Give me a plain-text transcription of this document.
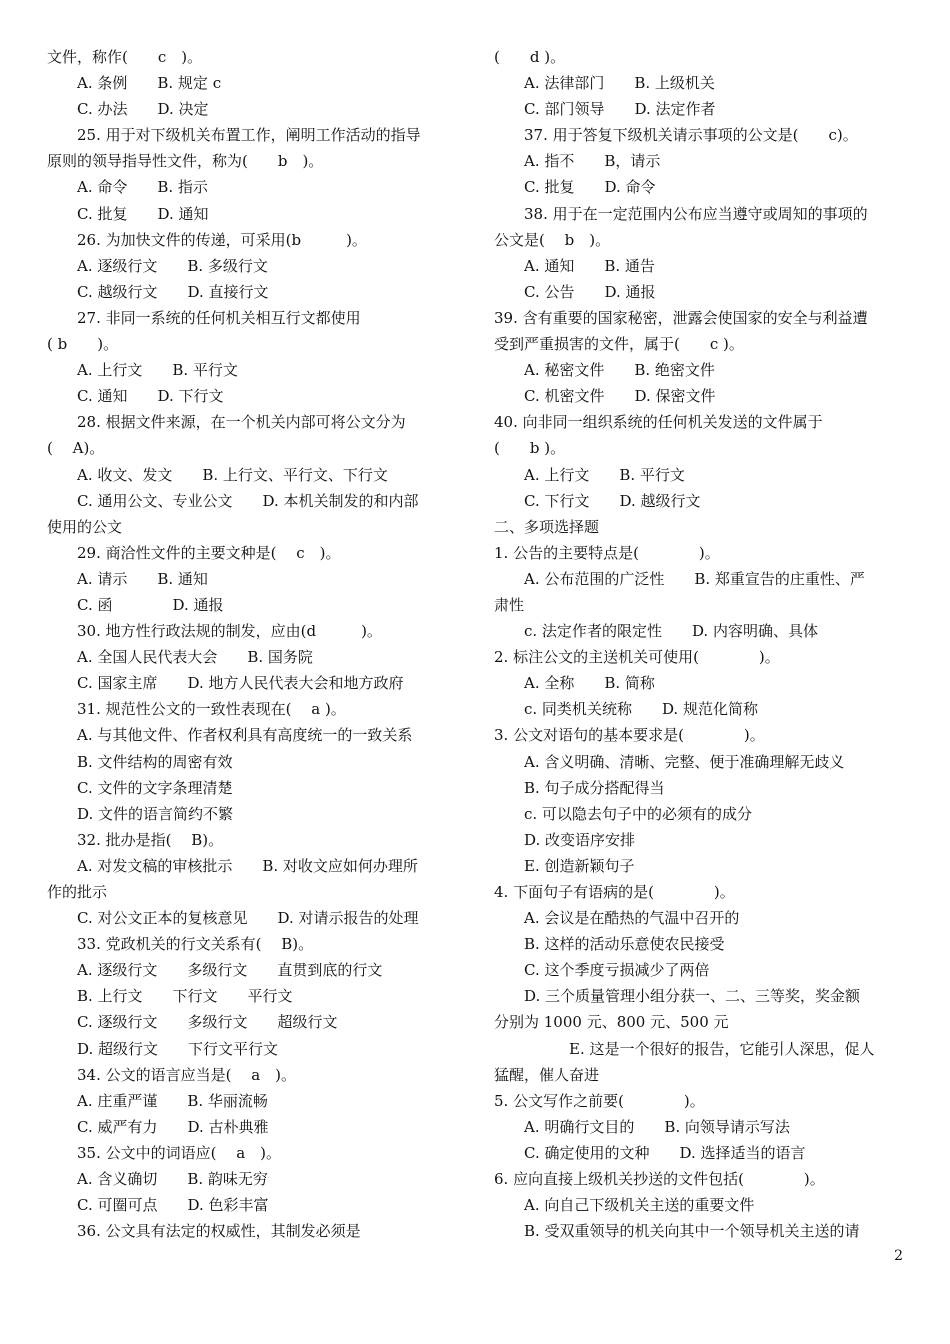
文件，称作(　　c　)。
　　A. 条例　　B. 规定 c
　　C. 办法　　D. 决定
　　25. 用于对下级机关布置工作，阐明工作活动的指导
原则的领导指导性文件，称为(　　b　)。
　　A. 命令　　B. 指示
　　C. 批复　　D. 通知
　　26. 为加快文件的传递，可采用(b　　　)。
　　A. 逐级行文　　B. 多级行文
　　C. 越级行文　　D. 直接行文
　　27. 非同一系统的任何机关相互行文都使用
( b　　)。
　　A. 上行文　　B. 平行文
　　C. 通知　　D. 下行文
　　28. 根据文件来源，在一个机关内部可将公文分为
(　 A)。
　　A. 收文、发文　　B. 上行文、平行文、下行文
　　C. 通用公文、专业公文　　D. 本机关制发的和内部
使用的公文
　　29. 商洽性文件的主要文种是(　 c　)。
　　A. 请示　　B. 通知
　　C. 函　　　　D. 通报
　　30. 地方性行政法规的制发，应由(d　　　)。
　　A. 全国人民代表大会　　B. 国务院
　　C. 国家主席　　D. 地方人民代表大会和地方政府
　　31. 规范性公文的一致性表现在(　 a )。
　　A. 与其他文件、作者权利具有高度统一的一致关系
　　B. 文件结构的周密有效
　　C. 文件的文字条理清楚
　　D. 文件的语言简约不繁
　　32. 批办是指(　 B)。
　　A. 对发文稿的审核批示　　B. 对收文应如何办理所
作的批示
　　C. 对公文正本的复核意见　　D. 对请示报告的处理
　　33. 党政机关的行文关系有(　 B)。
　　A. 逐级行文　　多级行文　　直贯到底的行文
　　B. 上行文　　下行文　　平行文
　　C. 逐级行文　　多级行文　　超级行文
　　D. 超级行文　　下行文平行文
　　34. 公文的语言应当是(　 a　)。
　　A. 庄重严谨　　B. 华丽流畅
　　C. 威严有力　　D. 古朴典雅
　　35. 公文中的词语应(　 a　)。
　　A. 含义确切　　B. 韵味无穷
　　C. 可圈可点　　D. 色彩丰富
　　36. 公文具有法定的权威性，其制发必须是
(　　d )。
　　A. 法律部门　　B. 上级机关
　　C. 部门领导　　D. 法定作者
　　37. 用于答复下级机关请示事项的公文是(　　c)。
　　A. 指不　　B，请示
　　C. 批复　　D. 命令
　　38. 用于在一定范围内公布应当遵守或周知的事项的
公文是(　 b　)。
　　A. 通知　　B. 通告
　　C. 公告　　D. 通报
39. 含有重要的国家秘密，泄露会使国家的安全与利益遭
受到严重损害的文件，属于(　　c )。
　　A. 秘密文件　　B. 绝密文件
　　C. 机密文件　　D. 保密文件
40. 向非同一组织系统的任何机关发送的文件属于
(　　b )。
　　A. 上行文　　B. 平行文
　　C. 下行文　　D. 越级行文
二、多项选择题
1. 公告的主要特点是(　　　　)。
　　A. 公布范围的广泛性　　B. 郑重宣告的庄重性、严
肃性
　　c. 法定作者的限定性　　D. 内容明确、具体
2. 标注公文的主送机关可使用(　　　　)。
　　A. 全称　　B. 简称
　　c. 同类机关统称　　D. 规范化简称
3. 公文对语句的基本要求是(　　　　)。
　　A. 含义明确、清晰、完整、便于准确理解无歧义
　　B. 句子成分搭配得当
　　c. 可以隐去句子中的必须有的成分
　　D. 改变语序安排
　　E. 创造新颖句子
4. 下面句子有语病的是(　　　　)。
　　A. 会议是在酷热的气温中召开的
　　B. 这样的活动乐意使农民接受
　　C. 这个季度亏损减少了两倍
　　D. 三个质量管理小组分获一、二、三等奖，奖金额
分别为 1000 元、800 元、500 元
　　　　　E. 这是一个很好的报告，它能引人深思，促人
猛醒，催人奋进
5. 公文写作之前要(　　　　)。
　　A. 明确行文目的　　B. 向领导请示写法
　　C. 确定使用的文种　　D. 选择适当的语言
6. 应向直接上级机关抄送的文件包括(　　　　)。
　　A. 向自己下级机关主送的重要文件
　　B. 受双重领导的机关向其中一个领导机关主送的请
2
